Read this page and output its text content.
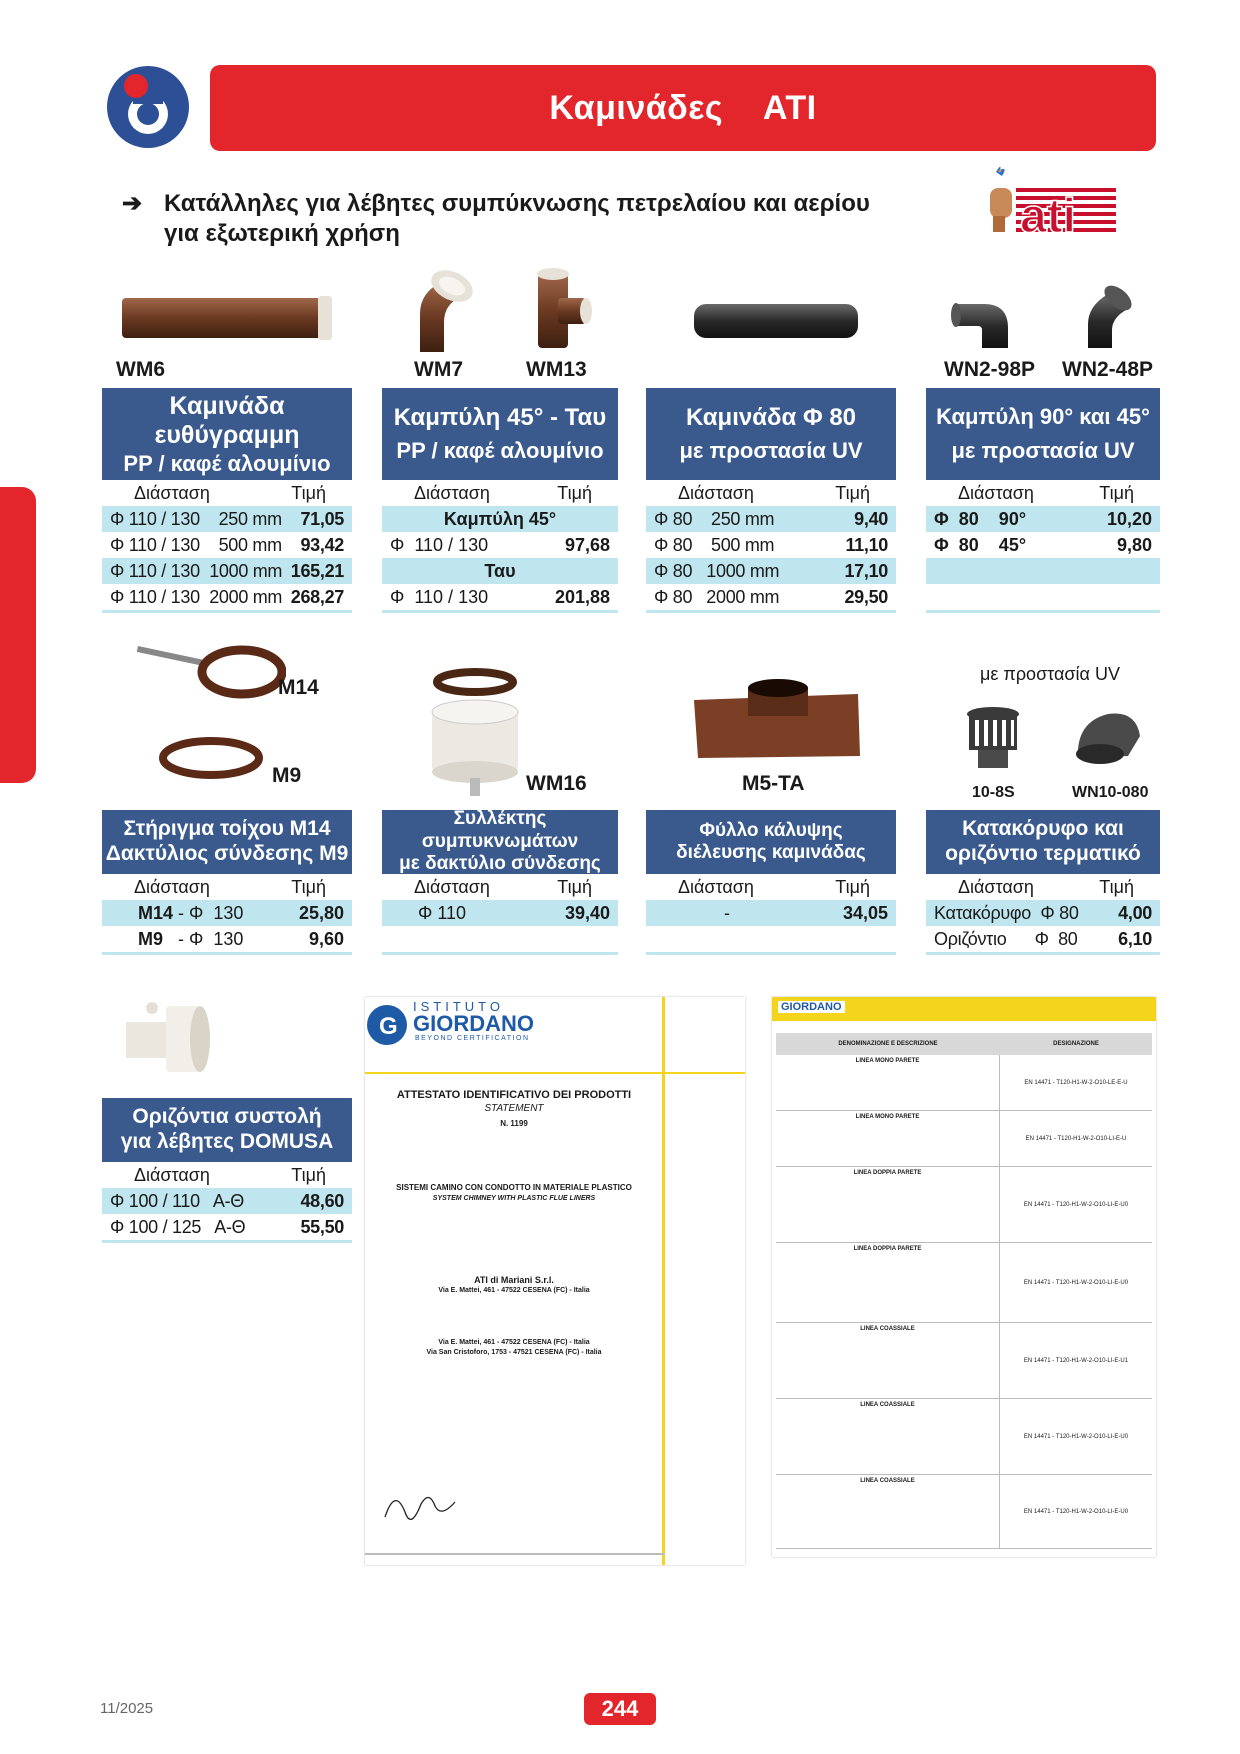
Καμινάδες    ATI
➔ Κατάλληλες για λέβητες συμπύκνωσης πετρελαίου και αερίου
για εξωτερική χρήση	ati
WM6	WM7	WM13	WN2-98P WN2-48P
Καμινάδα
ευθύγραμμη
PP / καφέ αλουμίνιο
Διάσταση	Τιμή
Φ 110 / 130    250 mm	71,05
Φ 110 / 130    500 mm	93,42
Φ 110 / 130  1000 mm 165,21
Φ 110 / 130  2000 mm 268,27
Καμπύλη 45° - Ταυ
PP / καφέ αλουμίνιο
Διάσταση	Τιμή
Καμπύλη 45°
Φ  110 / 130	97,68
Ταυ
Φ  110 / 130	201,88
Καμινάδα Φ 80
με προστασία UV
Διάσταση	Τιμή
Φ 80    250 mm	9,40
Φ 80    500 mm	11,10
Φ 80   1000 mm	17,10
Φ 80   2000 mm	29,50
Καμπύλη 90° και 45°
με προστασία UV
Διάσταση	Τιμή
Φ  80    90°	10,20
Φ  80    45°	9,80
M14
M9	WM16	M5-TA
με προστασία UV
10-8S	WN10-080
Στήριγμα τοίχου M14
Δακτύλιος σύνδεσης M9
Διάσταση	Τιμή
M14 - Φ  130	25,80
M9 - Φ  130	9,60
Συλλέκτης συμπυκνωμάτων
με δακτύλιο σύνδεσης
Διάσταση	Τιμή
Φ 110	39,40
Φύλλο κάλυψης
διέλευσης καμινάδας
Διάσταση	Τιμή
-	34,05
Κατακόρυφο και
οριζόντιο τερματικό
Διάσταση	Τιμή
Κατακόρυφο  Φ 80	4,00
Οριζόντιο      Φ  80	6,10
Οριζόντια συστολή
για λέβητες DOMUSA
Διάσταση	Τιμή
Φ 100 / 110   Α-Θ	48,60
Φ 100 / 125   Α-Θ	55,50
G
ISTITUTO
GIORDANO
BEYOND CERTIFICATION
ATTESTATO IDENTIFICATIVO DEI PRODOTTI
STATEMENT
N. 1199
SISTEMI CAMINO CON CONDOTTO IN MATERIALE PLASTICO
SYSTEM CHIMNEY WITH PLASTIC FLUE LINERS
ATI di Mariani S.r.l.
Via E. Mattei, 461 - 47522 CESENA (FC) - Italia
Via E. Mattei, 461 - 47522 CESENA (FC) - Italia
Via San Cristoforo, 1753 - 47521 CESENA (FC) - Italia
GIORDANO
DENOMINAZIONE E DESCRIZIONE	DESIGNAZIONE
LINEA MONO PARETE
EN 14471 - T120-H1-W-2-O10-LE-E-U
LINEA MONO PARETE
EN 14471 - T120-H1-W-2-O10-LI-E-U
LINEA DOPPIA PARETE
EN 14471 - T120-H1-W-2-O10-LI-E-U0
LINEA DOPPIA PARETE
EN 14471 - T120-H1-W-2-O10-LI-E-U0
LINEA COASSIALE
EN 14471 - T120-H1-W-2-O10-LI-E-U1
LINEA COASSIALE
EN 14471 - T120-H1-W-2-O10-LI-E-U0
LINEA COASSIALE
EN 14471 - T120-H1-W-2-O10-LI-E-U0
11/2025	244
